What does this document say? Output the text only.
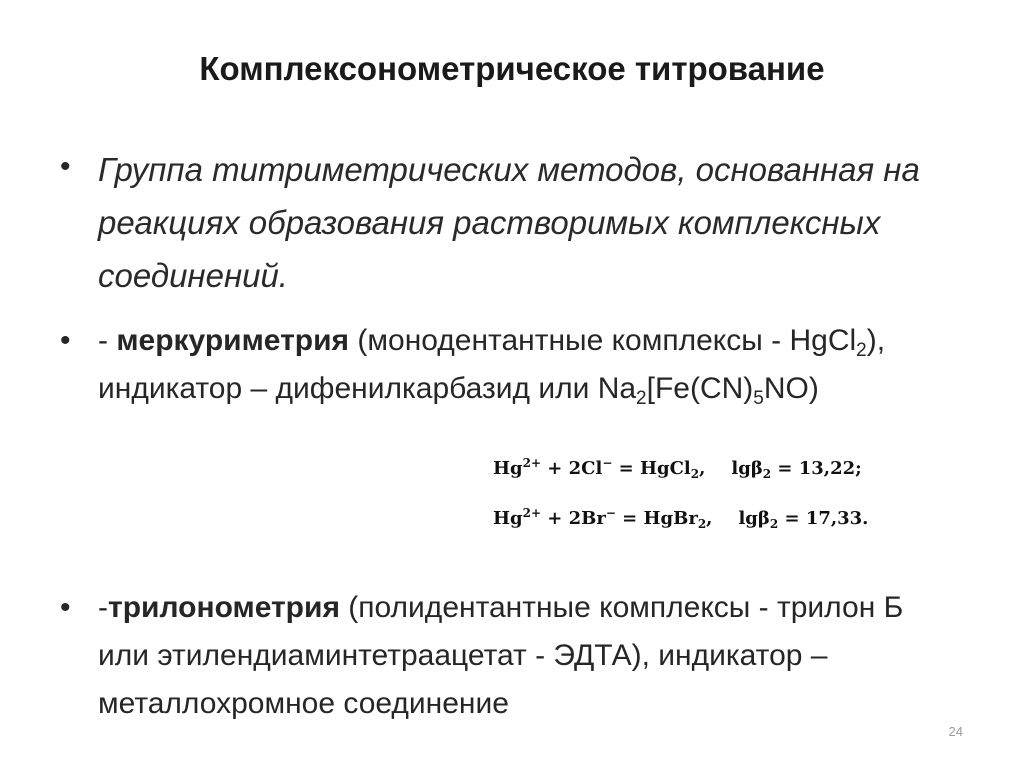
Комплексонометрическое титрование
• Группа титриметрических методов, основанная на реакциях образования растворимых комплексных соединений.
• - меркуриметрия (монодентантные комплексы - HgCl$_2$), индикатор – дифенилкарбазид или $Na_2[Fe(CN)_5NO)$
$Hg^{2+} + 2Cl^-$ = HgCl$_2$, lgβ$_2$ = 13,22;
$Hg^{2+} + 2Br^-$ = HgBr$_2$, lgβ$_2$ = 17,33.
• -трилонометрия (полидентантные комплексы - трилон Б или этилендиаминтетраацетат - ЭДТА), индикатор – металлохромное соединение
24
